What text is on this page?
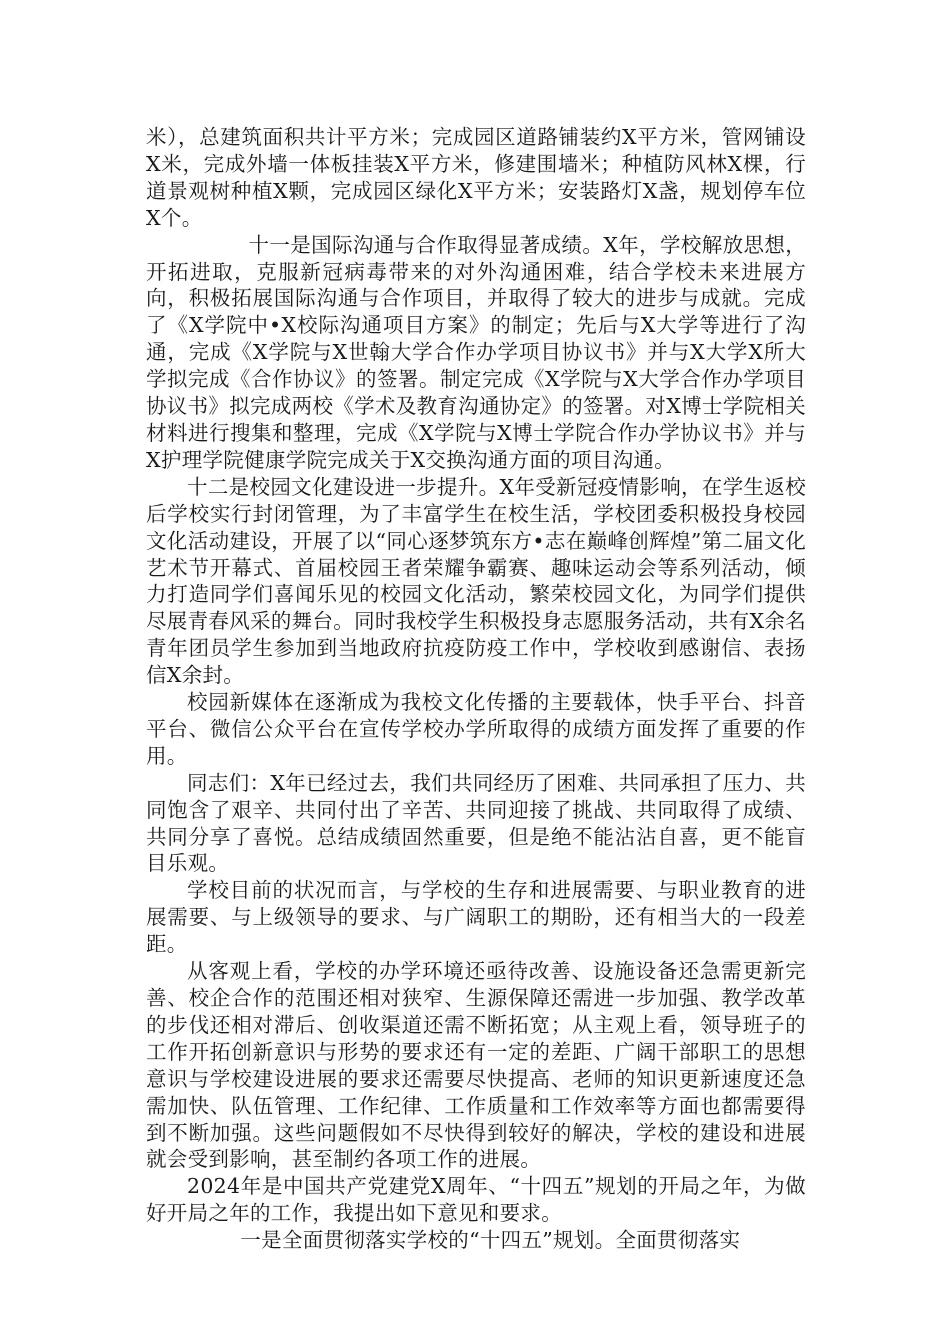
米），总建筑面积共计平方米；完成园区道路铺装约X平方米，管网铺设X米，完成外墙一体板挂装X平方米，修建围墙米；种植防风林X棵，行道景观树种植X颗，完成园区绿化X平方米；安装路灯X盏，规划停车位X个。

十一是国际沟通与合作取得显著成绩。X年，学校解放思想，开拓进取，克服新冠病毒带来的对外沟通困难，结合学校未来进展方向，积极拓展国际沟通与合作项目，并取得了较大的进步与成就。完成了《X学院中•X校际沟通项目方案》的制定；先后与X大学等进行了沟通，完成《X学院与X世翰大学合作办学项目协议书》并与X大学X所大学拟完成《合作协议》的签署。制定完成《X学院与X大学合作办学项目协议书》拟完成两校《学术及教育沟通协定》的签署。对X博士学院相关材料进行搜集和整理，完成《X学院与X博士学院合作办学协议书》并与X护理学院健康学院完成关于X交换沟通方面的项目沟通。

十二是校园文化建设进一步提升。X年受新冠疫情影响，在学生返校后学校实行封闭管理，为了丰富学生在校生活，学校团委积极投身校园文化活动建设，开展了以“同心逐梦筑东方•志在巅峰创辉煌”第二届文化艺术节开幕式、首届校园王者荣耀争霸赛、趣味运动会等系列活动，倾力打造同学们喜闻乐见的校园文化活动，繁荣校园文化，为同学们提供尽展青春风采的舞台。同时我校学生积极投身志愿服务活动，共有X余名青年团员学生参加到当地政府抗疫防疫工作中，学校收到感谢信、表扬信X余封。

校园新媒体在逐渐成为我校文化传播的主要载体，快手平台、抖音平台、微信公众平台在宣传学校办学所取得的成绩方面发挥了重要的作用。

同志们：X年已经过去，我们共同经历了困难、共同承担了压力、共同饱含了艰辛、共同付出了辛苦、共同迎接了挑战、共同取得了成绩、共同分享了喜悦。总结成绩固然重要，但是绝不能沾沾自喜，更不能盲目乐观。

学校目前的状况而言，与学校的生存和进展需要、与职业教育的进展需要、与上级领导的要求、与广阔职工的期盼，还有相当大的一段差距。

从客观上看，学校的办学环境还亟待改善、设施设备还急需更新完善、校企合作的范围还相对狭窄、生源保障还需进一步加强、教学改革的步伐还相对滞后、创收渠道还需不断拓宽；从主观上看，领导班子的工作开拓创新意识与形势的要求还有一定的差距、广阔干部职工的思想意识与学校建设进展的要求还需要尽快提高、老师的知识更新速度还急需加快、队伍管理、工作纪律、工作质量和工作效率等方面也都需要得到不断加强。这些问题假如不尽快得到较好的解决，学校的建设和进展就会受到影响，甚至制约各项工作的进展。

2024年是中国共产党建党X周年、“十四五”规划的开局之年，为做好开局之年的工作，我提出如下意见和要求。

一是全面贯彻落实学校的“十四五”规划。全面贯彻落实
